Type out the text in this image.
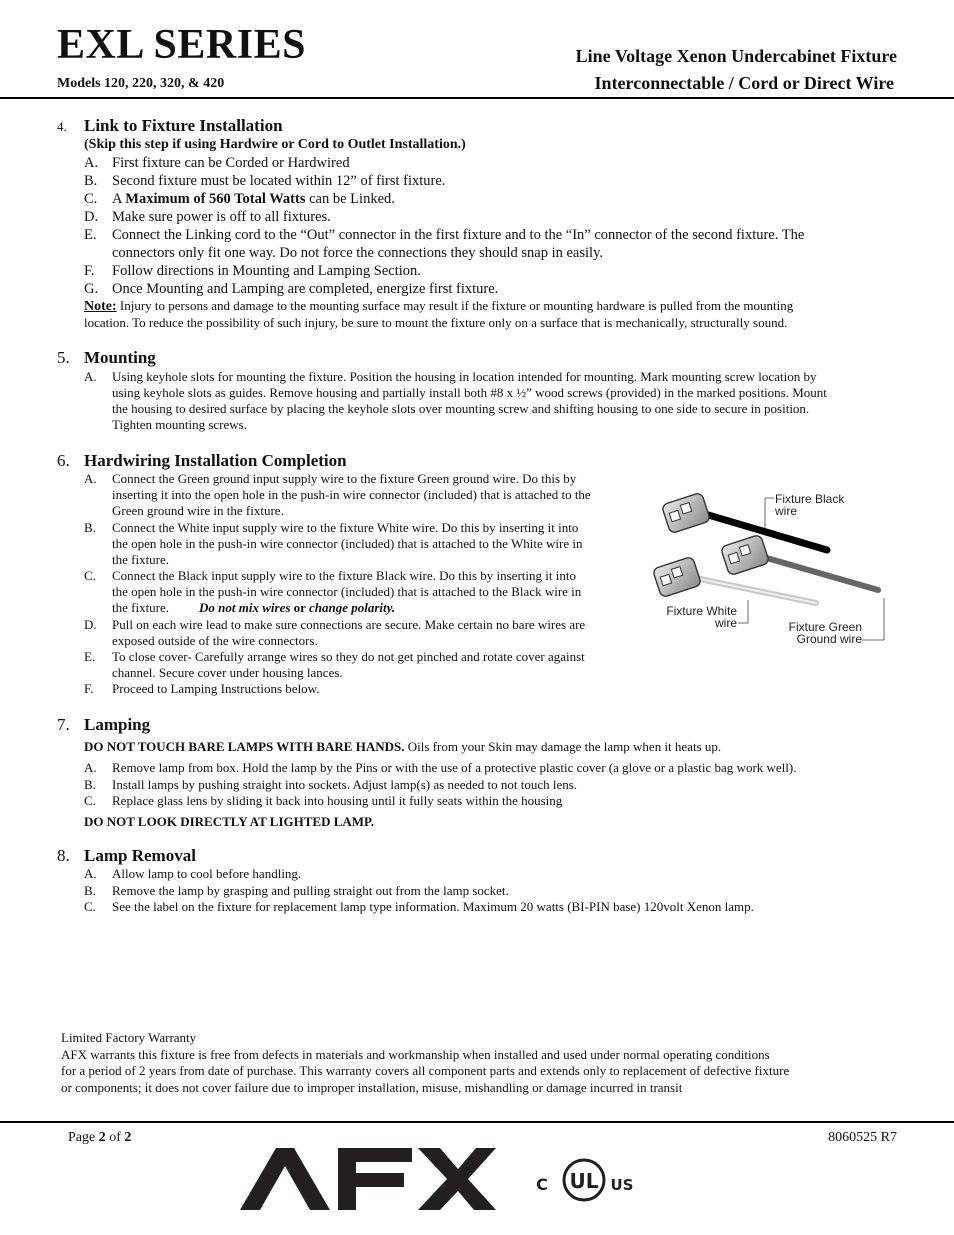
EXL SERIES
Models 120, 220, 320, & 420
Line Voltage Xenon Undercabinet Fixture
Interconnectable / Cord or Direct Wire
4. Link to Fixture Installation
(Skip this step if using Hardwire or Cord to Outlet Installation.)
A. First fixture can be Corded or Hardwired
B. Second fixture must be located within 12” of first fixture.
C. A Maximum of 560 Total Watts can be Linked.
D. Make sure power is off to all fixtures.
E. Connect the Linking cord to the “Out” connector in the first fixture and to the “In” connector of the second fixture. The
connectors only fit one way. Do not force the connections they should snap in easily.
F. Follow directions in Mounting and Lamping Section.
G. Once Mounting and Lamping are completed, energize first fixture.
Note: Injury to persons and damage to the mounting surface may result if the fixture or mounting hardware is pulled from the mounting
location. To reduce the possibility of such injury, be sure to mount the fixture only on a surface that is mechanically, structurally sound.
5. Mounting
A. Using keyhole slots for mounting the fixture. Position the housing in location intended for mounting. Mark mounting screw location by
using keyhole slots as guides. Remove housing and partially install both #8 x ½” wood screws (provided) in the marked positions. Mount
the housing to desired surface by placing the keyhole slots over mounting screw and shifting housing to one side to secure in position.
Tighten mounting screws.
6. Hardwiring Installation Completion
A. Connect the Green ground input supply wire to the fixture Green ground wire. Do this by
inserting it into the open hole in the push-in wire connector (included) that is attached to the
Green ground wire in the fixture.
B. Connect the White input supply wire to the fixture White wire. Do this by inserting it into
the open hole in the push-in wire connector (included) that is attached to the White wire in
the fixture.
C. Connect the Black input supply wire to the fixture Black wire. Do this by inserting it into
the open hole in the push-in wire connector (included) that is attached to the Black wire in
the fixture. Do not mix wires or change polarity.
D. Pull on each wire lead to make sure connections are secure. Make certain no bare wires are
exposed outside of the wire connectors.
E. To close cover- Carefully arrange wires so they do not get pinched and rotate cover against
channel. Secure cover under housing lances.
F. Proceed to Lamping Instructions below.
Fixture Black
wire
Fixture White
wire	Fixture Green
Ground wire
7. Lamping
DO NOT TOUCH BARE LAMPS WITH BARE HANDS. Oils from your Skin may damage the lamp when it heats up.
A. Remove lamp from box. Hold the lamp by the Pins or with the use of a protective plastic cover (a glove or a plastic bag work well).
B. Install lamps by pushing straight into sockets. Adjust lamp(s) as needed to not touch lens.
C. Replace glass lens by sliding it back into housing until it fully seats within the housing
DO NOT LOOK DIRECTLY AT LIGHTED LAMP.
8. Lamp Removal
A. Allow lamp to cool before handling.
B. Remove the lamp by grasping and pulling straight out from the lamp socket.
C. See the label on the fixture for replacement lamp type information. Maximum 20 watts (BI-PIN base) 120volt Xenon lamp.
Limited Factory Warranty
AFX warrants this fixture is free from defects in materials and workmanship when installed and used under normal operating conditions
for a period of 2 years from date of purchase. This warranty covers all component parts and extends only to replacement of defective fixture
or components; it does not cover failure due to improper installation, misuse, mishandling or damage incurred in transit
Page 2 of 2	8060525 R7
UL
C	US
